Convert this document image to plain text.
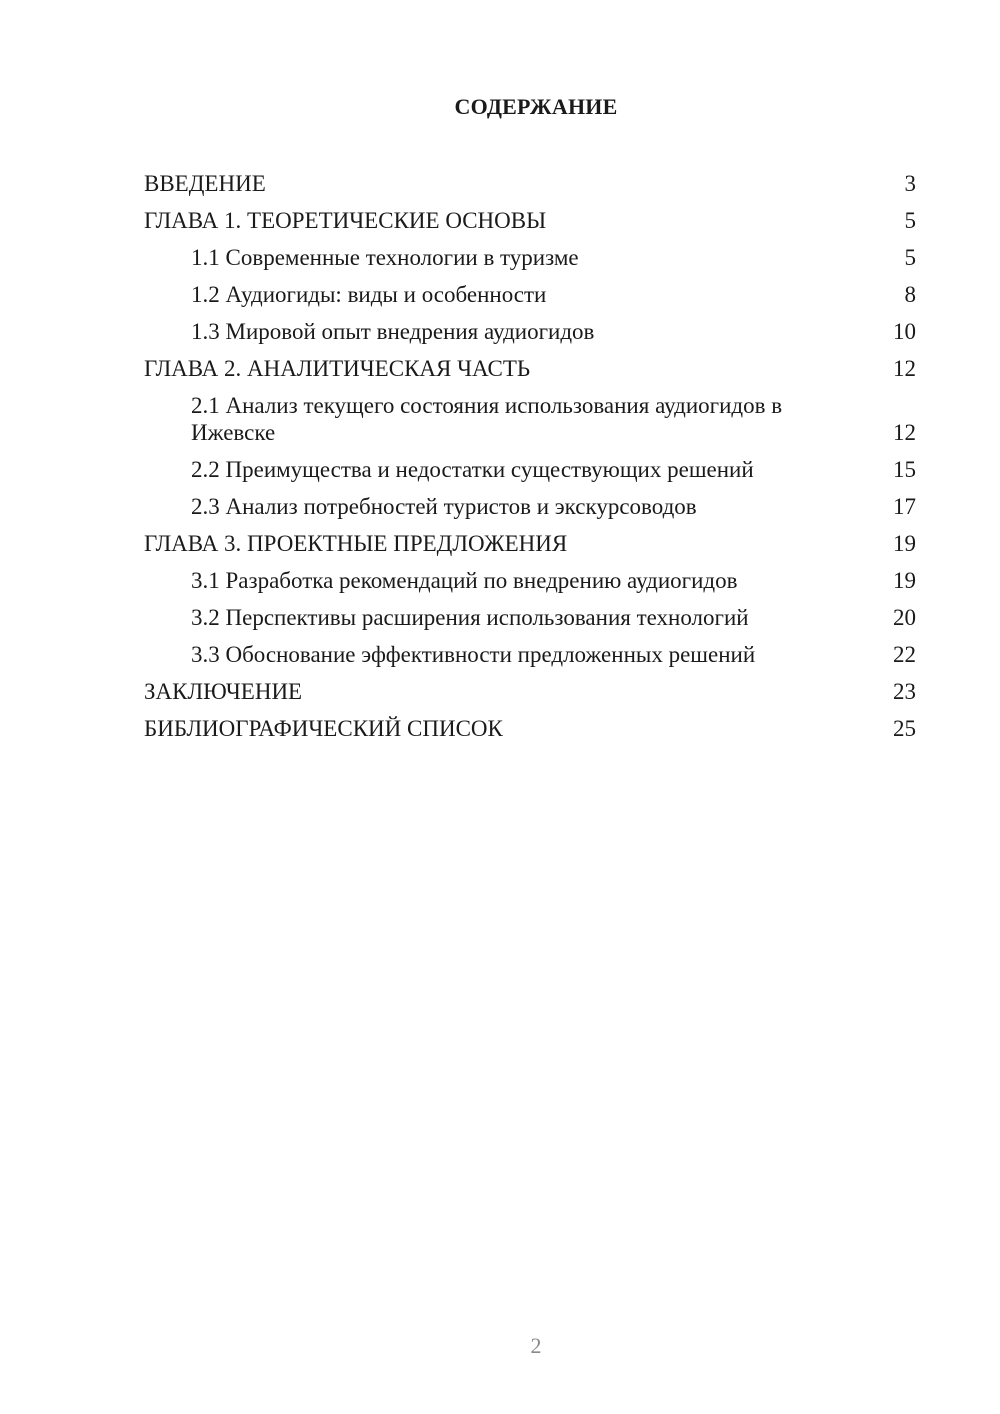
СОДЕРЖАНИЕ
ВВЕДЕНИЕ	3
ГЛАВА 1. ТЕОРЕТИЧЕСКИЕ ОСНОВЫ	5
1.1 Современные технологии в туризме	5
1.2 Аудиогиды: виды и особенности	8
1.3 Мировой опыт внедрения аудиогидов	10
ГЛАВА 2. АНАЛИТИЧЕСКАЯ ЧАСТЬ	12
2.1 Анализ текущего состояния использования аудиогидов в Ижевске	12
2.2 Преимущества и недостатки существующих решений	15
2.3 Анализ потребностей туристов и экскурсоводов	17
ГЛАВА 3. ПРОЕКТНЫЕ ПРЕДЛОЖЕНИЯ	19
3.1 Разработка рекомендаций по внедрению аудиогидов	19
3.2 Перспективы расширения использования технологий	20
3.3 Обоснование эффективности предложенных решений	22
ЗАКЛЮЧЕНИЕ	23
БИБЛИОГРАФИЧЕСКИЙ СПИСОК	25
2
